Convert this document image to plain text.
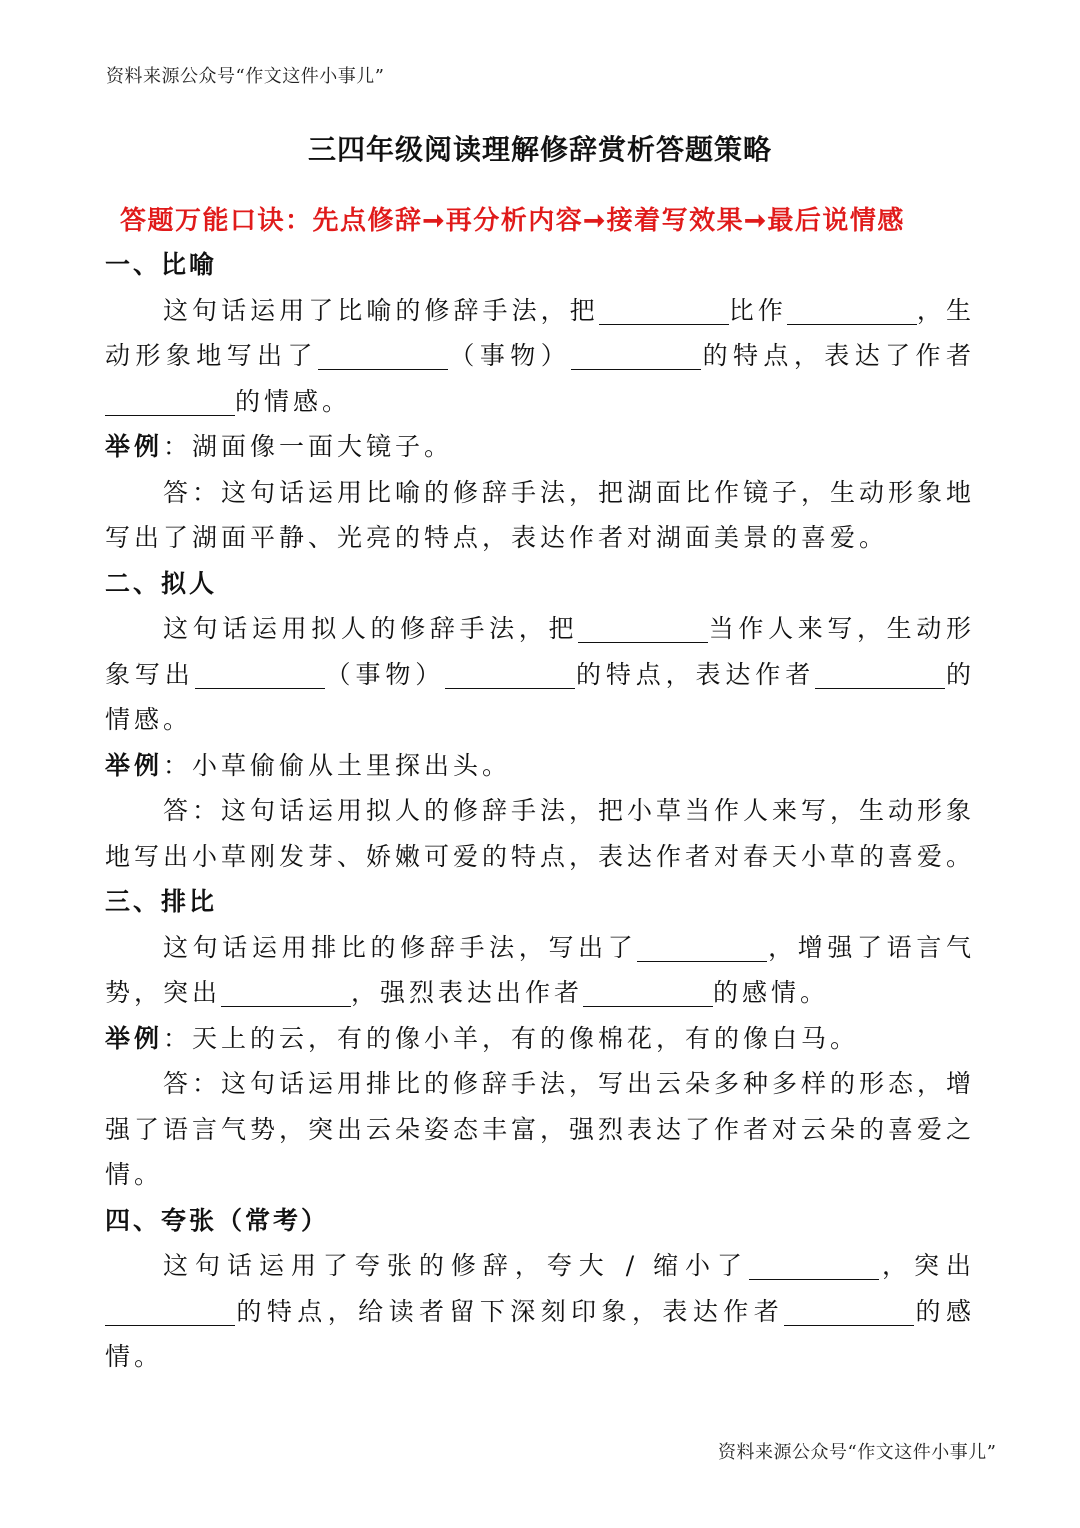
资料来源公众号“作文这件小事儿”
三四年级阅读理解修辞赏析答题策略
答题万能口诀：先点修辞➞再分析内容➞接着写效果➞最后说情感

一、比喻

这句话运用了比喻的修辞手法，把	比作	，生动形象地写出了	（事物）	的特点，表达了作者的情感。

举例：湖面像一面大镜子。

答：这句话运用比喻的修辞手法，把湖面比作镜子，生动形象地写出了湖面平静、光亮的特点，表达作者对湖面美景的喜爱。

二、拟人

这句话运用拟人的修辞手法，把	当作人来写，生动形象写出	（事物）	的特点，表达作者	的情感。

举例：小草偷偷从土里探出头。

答：这句话运用拟人的修辞手法，把小草当作人来写，生动形象地写出小草刚发芽、娇嫩可爱的特点，表达作者对春天小草的喜爱。

三、排比

这句话运用排比的修辞手法，写出了	，增强了语言气势，突出	，强烈表达出作者	的感情。

举例：天上的云，有的像小羊，有的像棉花，有的像白马。

答：这句话运用排比的修辞手法，写出云朵多种多样的形态，增强了语言气势，突出云朵姿态丰富，强烈表达了作者对云朵的喜爱之情。

四、夸张（常考）

这句话运用了夸张的修辞，夸大 / 缩小了	，突出的特点，给读者留下深刻印象，表达作者	的感情。

资料来源公众号“作文这件小事儿”
